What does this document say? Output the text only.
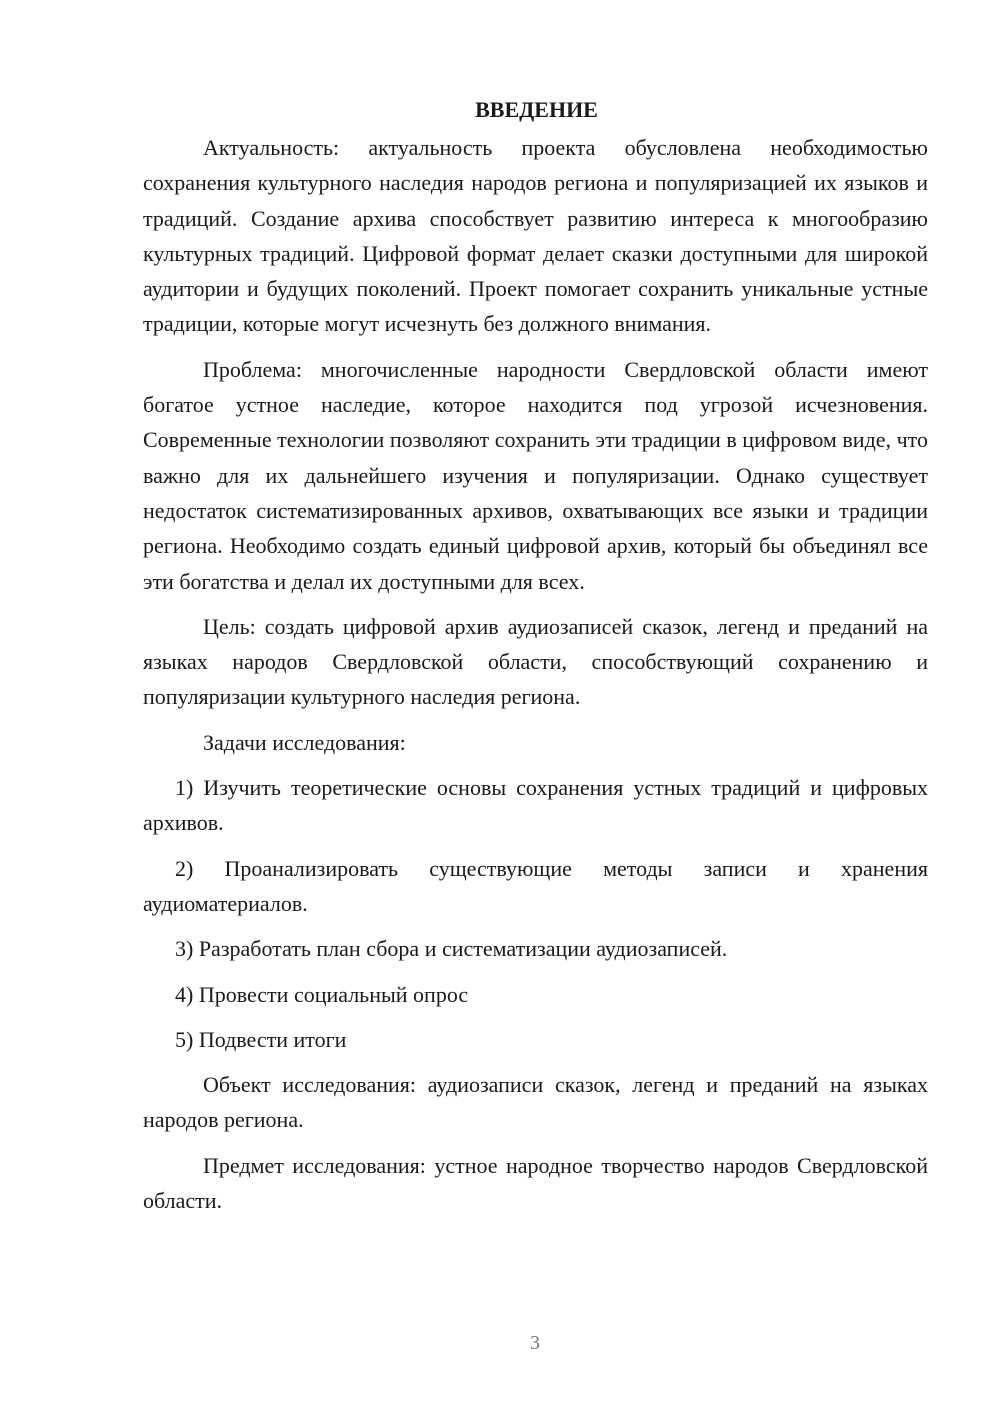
ВВЕДЕНИЕ

Актуальность: актуальность проекта обусловлена необходимостью сохранения культурного наследия народов региона и популяризацией их языков и традиций. Создание архива способствует развитию интереса к многообразию культурных традиций. Цифровой формат делает сказки доступными для широкой аудитории и будущих поколений. Проект помогает сохранить уникальные устные традиции, которые могут исчезнуть без должного внимания.

Проблема: многочисленные народности Свердловской области имеют богатое устное наследие, которое находится под угрозой исчезновения. Современные технологии позволяют сохранить эти традиции в цифровом виде, что важно для их дальнейшего изучения и популяризации. Однако существует недостаток систематизированных архивов, охватывающих все языки и традиции региона. Необходимо создать единый цифровой архив, который бы объединял все эти богатства и делал их доступными для всех.

Цель: создать цифровой архив аудиозаписей сказок, легенд и преданий на языках народов Свердловской области, способствующий сохранению и популяризации культурного наследия региона.

Задачи исследования:

1) Изучить теоретические основы сохранения устных традиций и цифровых архивов.

2) Проанализировать существующие методы записи и хранения аудиоматериалов.

3) Разработать план сбора и систематизации аудиозаписей.

4) Провести социальный опрос

5) Подвести итоги

Объект исследования: аудиозаписи сказок, легенд и преданий на языках народов региона.

Предмет исследования: устное народное творчество народов Свердловской области.

3
